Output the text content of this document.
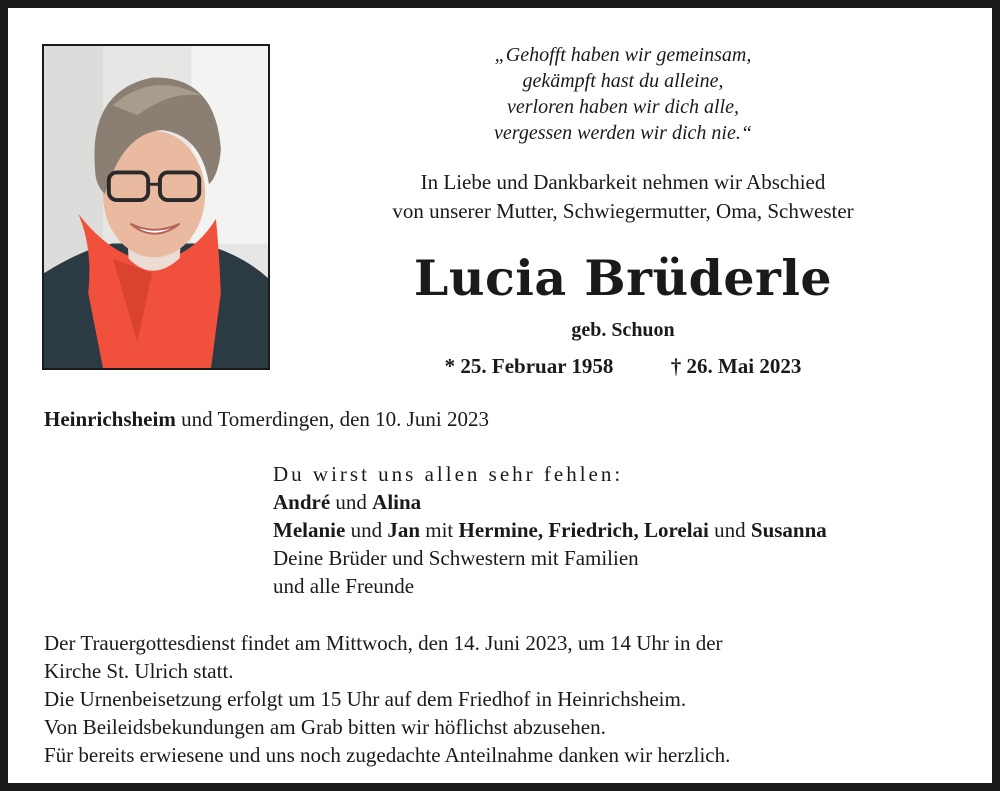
„Gehofft haben wir gemeinsam,
gekämpft hast du alleine,
verloren haben wir dich alle,
vergessen werden wir dich nie.“
In Liebe und Dankbarkeit nehmen wir Abschied
von unserer Mutter, Schwiegermutter, Oma, Schwester
Lucia Brüderle
geb. Schuon
* 25. Februar 1958	† 26. Mai 2023
Heinrichsheim und Tomerdingen, den 10. Juni 2023
Du wirst uns allen sehr fehlen:
André und Alina
Melanie und Jan mit Hermine, Friedrich, Lorelai und Susanna
Deine Brüder und Schwestern mit Familien
und alle Freunde
Der Trauergottesdienst findet am Mittwoch, den 14. Juni 2023, um 14 Uhr in der
Kirche St. Ulrich statt.
Die Urnenbeisetzung erfolgt um 15 Uhr auf dem Friedhof in Heinrichsheim.
Von Beileidsbekundungen am Grab bitten wir höflichst abzusehen.
Für bereits erwiesene und uns noch zugedachte Anteilnahme danken wir herzlich.
